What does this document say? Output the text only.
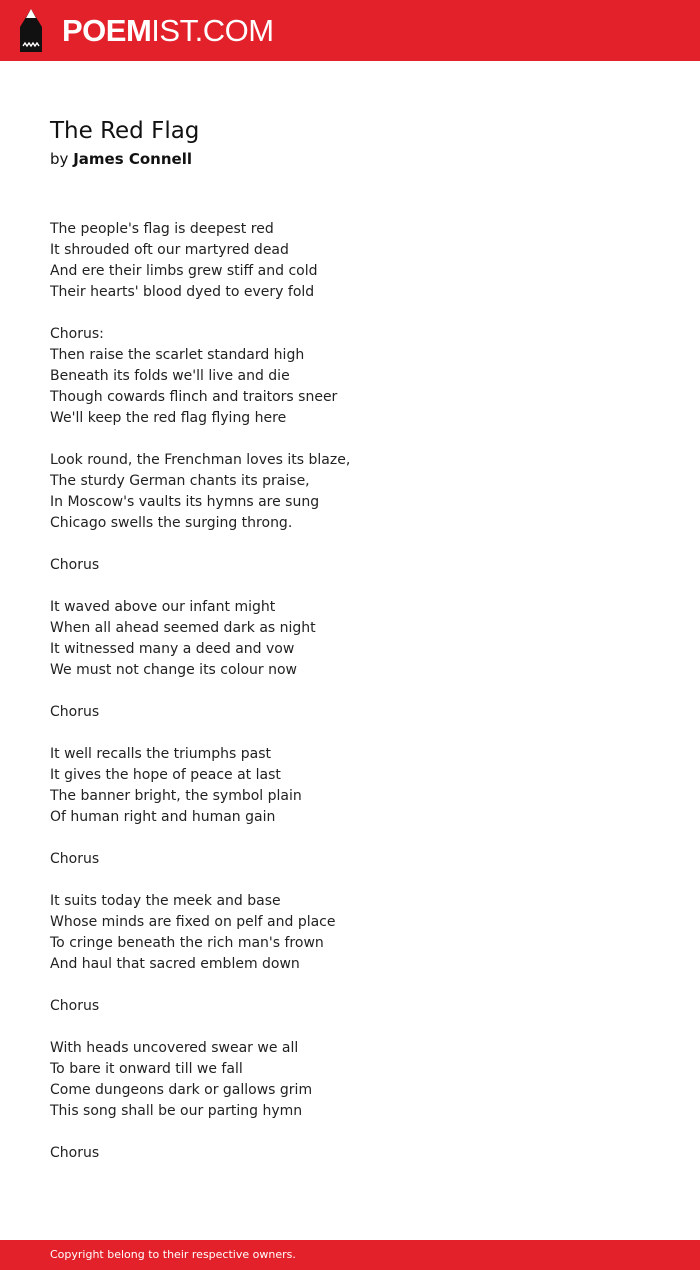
POEMIST.COM
The Red Flag
by James Connell
The people's flag is deepest red
It shrouded oft our martyred dead
And ere their limbs grew stiff and cold
Their hearts' blood dyed to every fold
Chorus:
Then raise the scarlet standard high
Beneath its folds we'll live and die
Though cowards flinch and traitors sneer
We'll keep the red flag flying here
Look round, the Frenchman loves its blaze,
The sturdy German chants its praise,
In Moscow's vaults its hymns are sung
Chicago swells the surging throng.
Chorus
It waved above our infant might
When all ahead seemed dark as night
It witnessed many a deed and vow
We must not change its colour now
Chorus
It well recalls the triumphs past
It gives the hope of peace at last
The banner bright, the symbol plain
Of human right and human gain
Chorus
It suits today the meek and base
Whose minds are fixed on pelf and place
To cringe beneath the rich man's frown
And haul that sacred emblem down
Chorus
With heads uncovered swear we all
To bare it onward till we fall
Come dungeons dark or gallows grim
This song shall be our parting hymn
Chorus
Copyright belong to their respective owners.
